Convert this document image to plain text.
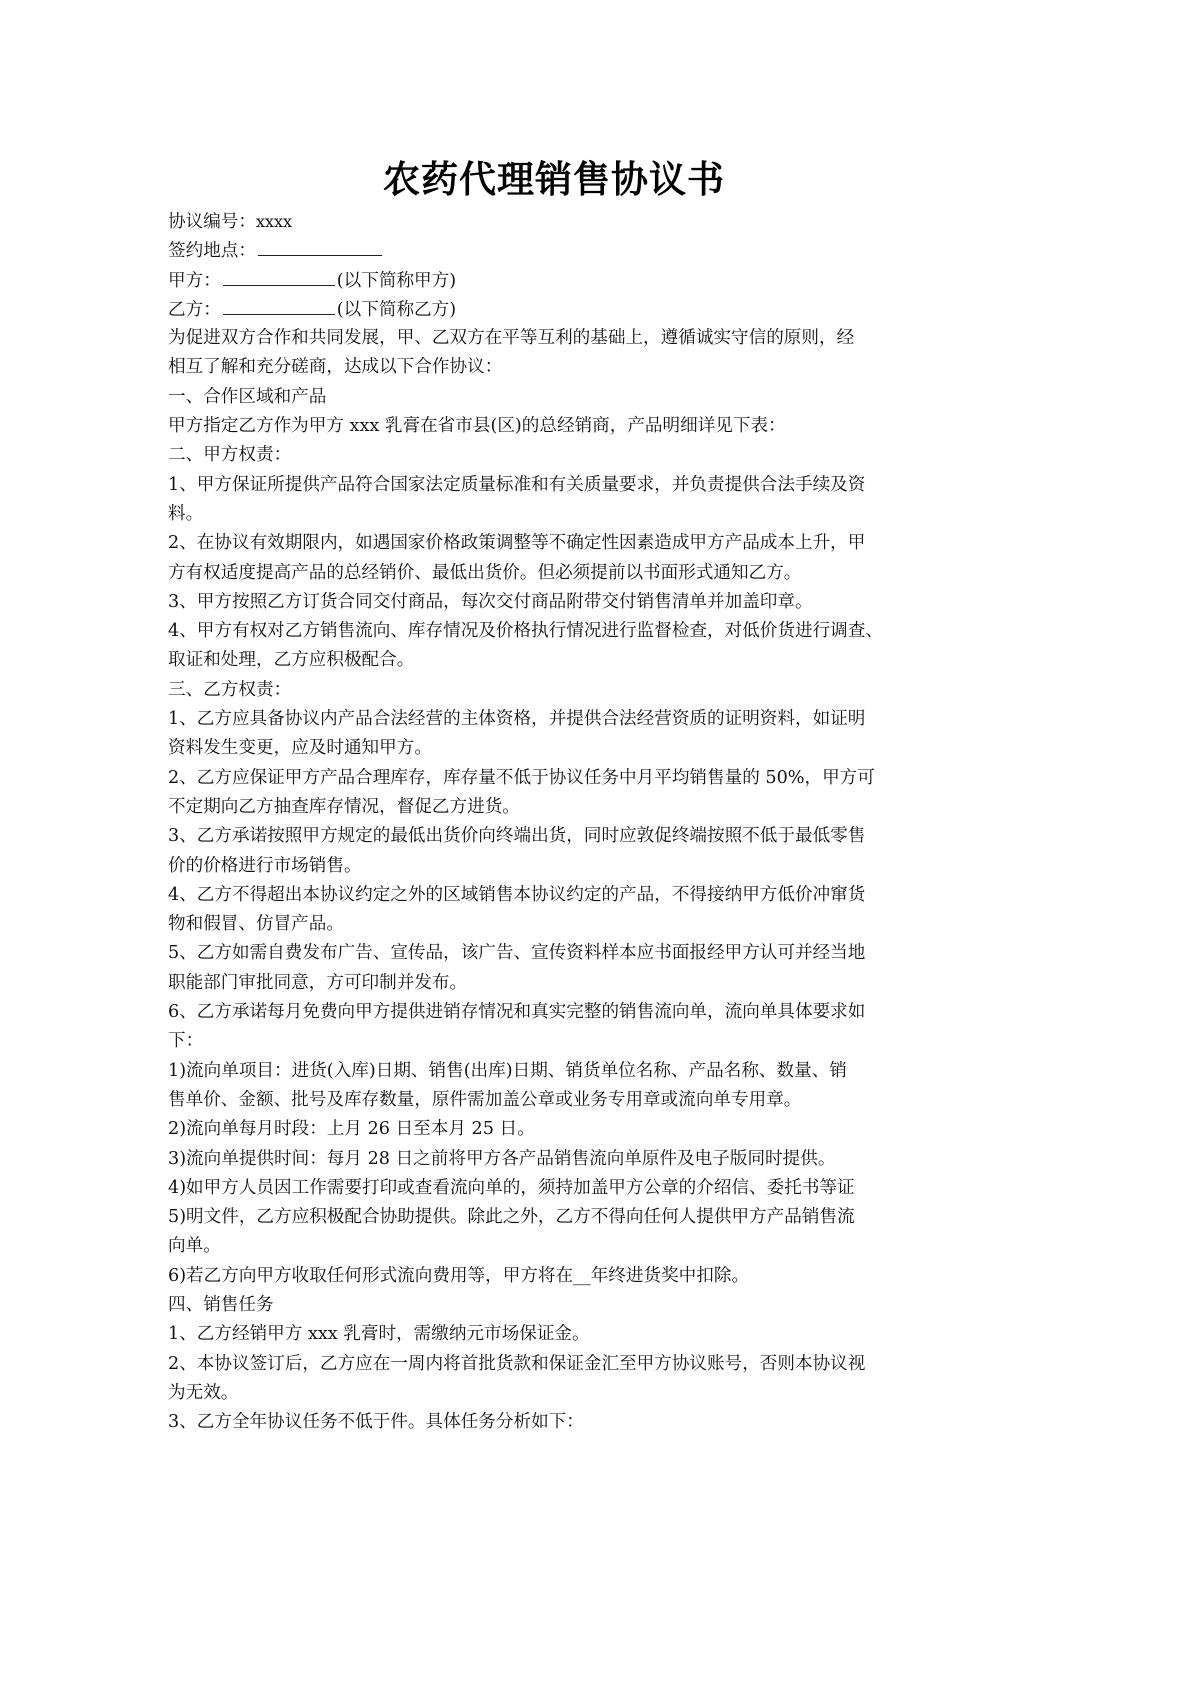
农药代理销售协议书
协议编号：xxxx
签约地点：
甲方：	(以下简称甲方)
乙方：	(以下简称乙方)
为促进双方合作和共同发展，甲、乙双方在平等互利的基础上，遵循诚实守信的原则，经
相互了解和充分磋商，达成以下合作协议：
一、合作区域和产品
甲方指定乙方作为甲方 xxx 乳膏在省市县(区)的总经销商，产品明细详见下表：
二、甲方权责：
1、甲方保证所提供产品符合国家法定质量标准和有关质量要求，并负责提供合法手续及资
料。
2、在协议有效期限内，如遇国家价格政策调整等不确定性因素造成甲方产品成本上升，甲
方有权适度提高产品的总经销价、最低出货价。但必须提前以书面形式通知乙方。
3、甲方按照乙方订货合同交付商品，每次交付商品附带交付销售清单并加盖印章。
4、甲方有权对乙方销售流向、库存情况及价格执行情况进行监督检查，对低价货进行调查、
取证和处理，乙方应积极配合。
三、乙方权责：
1、乙方应具备协议内产品合法经营的主体资格，并提供合法经营资质的证明资料，如证明
资料发生变更，应及时通知甲方。
2、乙方应保证甲方产品合理库存，库存量不低于协议任务中月平均销售量的 50%，甲方可
不定期向乙方抽查库存情况，督促乙方进货。
3、乙方承诺按照甲方规定的最低出货价向终端出货，同时应敦促终端按照不低于最低零售
价的价格进行市场销售。
4、乙方不得超出本协议约定之外的区域销售本协议约定的产品，不得接纳甲方低价冲窜货
物和假冒、仿冒产品。
5、乙方如需自费发布广告、宣传品，该广告、宣传资料样本应书面报经甲方认可并经当地
职能部门审批同意，方可印制并发布。
6、乙方承诺每月免费向甲方提供进销存情况和真实完整的销售流向单，流向单具体要求如
下：
1)流向单项目：进货(入库)日期、销售(出库)日期、销货单位名称、产品名称、数量、销
售单价、金额、批号及库存数量，原件需加盖公章或业务专用章或流向单专用章。
2)流向单每月时段：上月 26 日至本月 25 日。
3)流向单提供时间：每月 28 日之前将甲方各产品销售流向单原件及电子版同时提供。
4)如甲方人员因工作需要打印或查看流向单的，须持加盖甲方公章的介绍信、委托书等证
5)明文件，乙方应积极配合协助提供。除此之外，乙方不得向任何人提供甲方产品销售流
向单。
6)若乙方向甲方收取任何形式流向费用等，甲方将在__年终进货奖中扣除。
四、销售任务
1、乙方经销甲方 xxx 乳膏时，需缴纳元市场保证金。
2、本协议签订后，乙方应在一周内将首批货款和保证金汇至甲方协议账号，否则本协议视
为无效。
3、乙方全年协议任务不低于件。具体任务分析如下：
